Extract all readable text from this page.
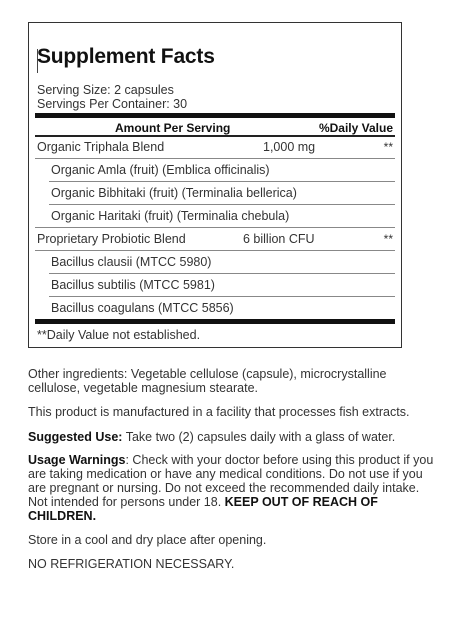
Supplement Facts
Serving Size: 2 capsules
Servings Per Container: 30
Amount Per Serving	%Daily Value
Organic Triphala Blend	1,000 mg	**
Organic Amla (fruit) (Emblica officinalis)
Organic Bibhitaki (fruit) (Terminalia bellerica)
Organic Haritaki (fruit) (Terminalia chebula)
Proprietary Probiotic Blend	6 billion CFU	**
Bacillus clausii (MTCC 5980)
Bacillus subtilis (MTCC 5981)
Bacillus coagulans (MTCC 5856)
**Daily Value not established.
Other ingredients: Vegetable cellulose (capsule), microcrystalline
cellulose, vegetable magnesium stearate.
This product is manufactured in a facility that processes fish extracts.
Suggested Use: Take two (2) capsules daily with a glass of water.
Usage Warnings: Check with your doctor before using this product if you
are taking medication or have any medical conditions. Do not use if you
are pregnant or nursing. Do not exceed the recommended daily intake.
Not intended for persons under 18. KEEP OUT OF REACH OF
CHILDREN.
Store in a cool and dry place after opening.
NO REFRIGERATION NECESSARY.
